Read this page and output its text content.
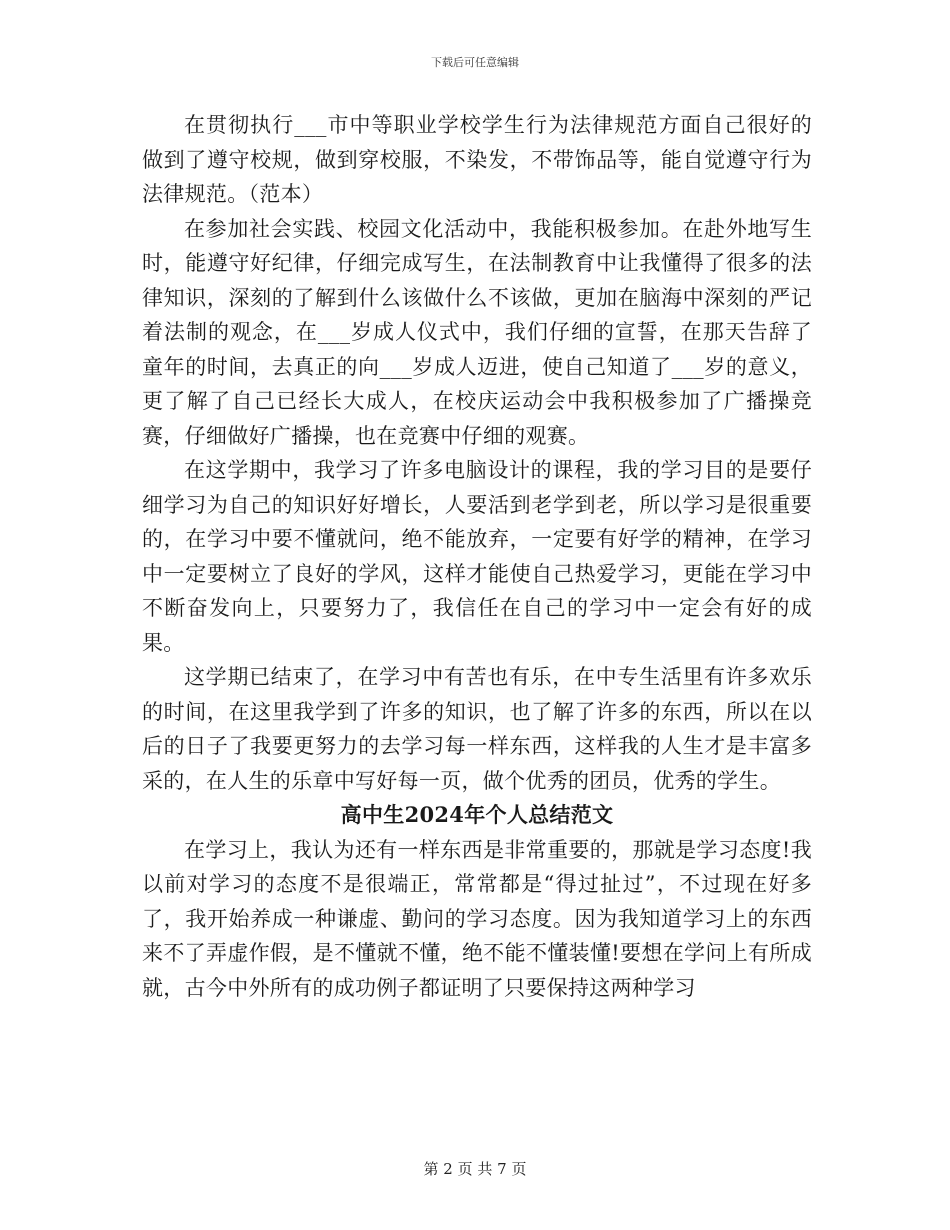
下载后可任意编辑

在贯彻执行___市中等职业学校学生行为法律规范方面自己很好的做到了遵守校规，做到穿校服，不染发，不带饰品等，能自觉遵守行为法律规范。（范本）

在参加社会实践、校园文化活动中，我能积极参加。在赴外地写生时，能遵守好纪律，仔细完成写生，在法制教育中让我懂得了很多的法律知识，深刻的了解到什么该做什么不该做，更加在脑海中深刻的严记着法制的观念，在___岁成人仪式中，我们仔细的宣誓，在那天告辞了童年的时间，去真正的向___岁成人迈进，使自己知道了___岁的意义，更了解了自己已经长大成人，在校庆运动会中我积极参加了广播操竞赛，仔细做好广播操，也在竞赛中仔细的观赛。

在这学期中，我学习了许多电脑设计的课程，我的学习目的是要仔细学习为自己的知识好好增长，人要活到老学到老，所以学习是很重要的，在学习中要不懂就问，绝不能放弃，一定要有好学的精神，在学习中一定要树立了良好的学风，这样才能使自己热爱学习，更能在学习中不断奋发向上，只要努力了，我信任在自己的学习中一定会有好的成果。

这学期已结束了，在学习中有苦也有乐，在中专生活里有许多欢乐的时间，在这里我学到了许多的知识，也了解了许多的东西，所以在以后的日子了我要更努力的去学习每一样东西，这样我的人生才是丰富多采的，在人生的乐章中写好每一页，做个优秀的团员，优秀的学生。

高中生2024年个人总结范文

在学习上，我认为还有一样东西是非常重要的，那就是学习态度!我以前对学习的态度不是很端正，常常都是“得过扯过”，不过现在好多了，我开始养成一种谦虚、勤问的学习态度。因为我知道学习上的东西来不了弄虚作假，是不懂就不懂，绝不能不懂装懂!要想在学问上有所成就，古今中外所有的成功例子都证明了只要保持这两种学习

第 2 页 共 7 页
